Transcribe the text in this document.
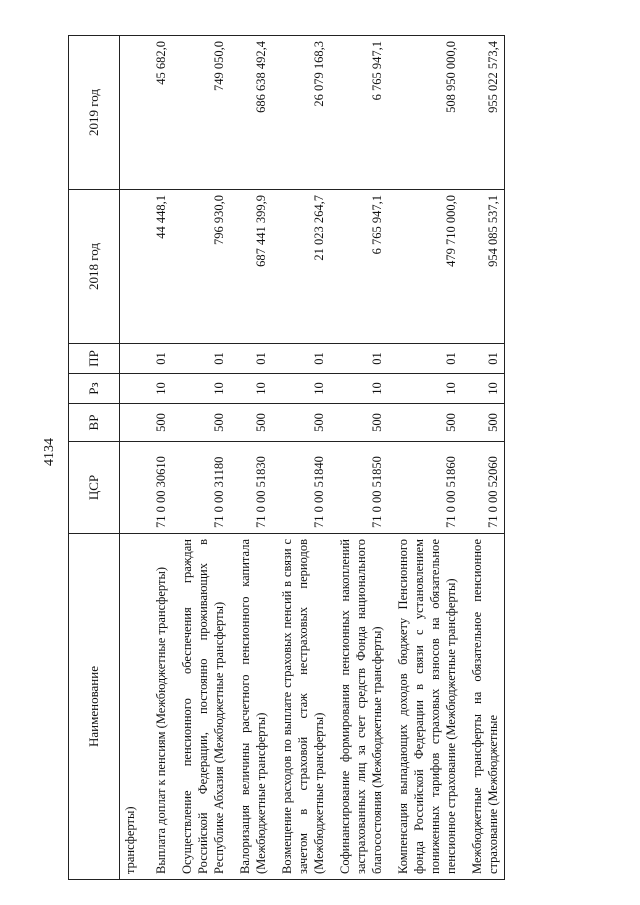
4134
Наименование	ЦСР	ВР	Рз	ПР	2018 год	2019 год
трансферты)						
Выплата доплат к пенсиям (Межбюджетные трансферты)	71 0 00 30610	500	10	01	44 448,1	45 682,0
Осуществление пенсионного обеспечения граждан Российской Федерации, постоянно проживающих в Республике Абхазия (Межбюджетные трансферты)	71 0 00 31180	500	10	01	796 930,0	749 050,0
Валоризация величины расчетного пенсионного капитала (Межбюджетные трансферты)	71 0 00 51830	500	10	01	687 441 399,9	686 638 492,4
Возмещение расходов по выплате страховых пенсий в связи с зачетом в страховой стаж нестраховых периодов (Межбюджетные трансферты)	71 0 00 51840	500	10	01	21 023 264,7	26 079 168,3
Софинансирование формирования пенсионных накоплений застрахованных лиц за счет средств Фонда национального благосостояния (Межбюджетные трансферты)	71 0 00 51850	500	10	01	6 765 947,1	6 765 947,1
Компенсация выпадающих доходов бюджету Пенсионного фонда Российской Федерации в связи с установлением пониженных тарифов страховых взносов на обязательное пенсионное страхование (Межбюджетные трансферты)	71 0 00 51860	500	10	01	479 710 000,0	508 950 000,0
Межбюджетные трансферты на обязательное пенсионное страхование (Межбюджетные	71 0 00 52060	500	10	01	954 085 537,1	955 022 573,4
